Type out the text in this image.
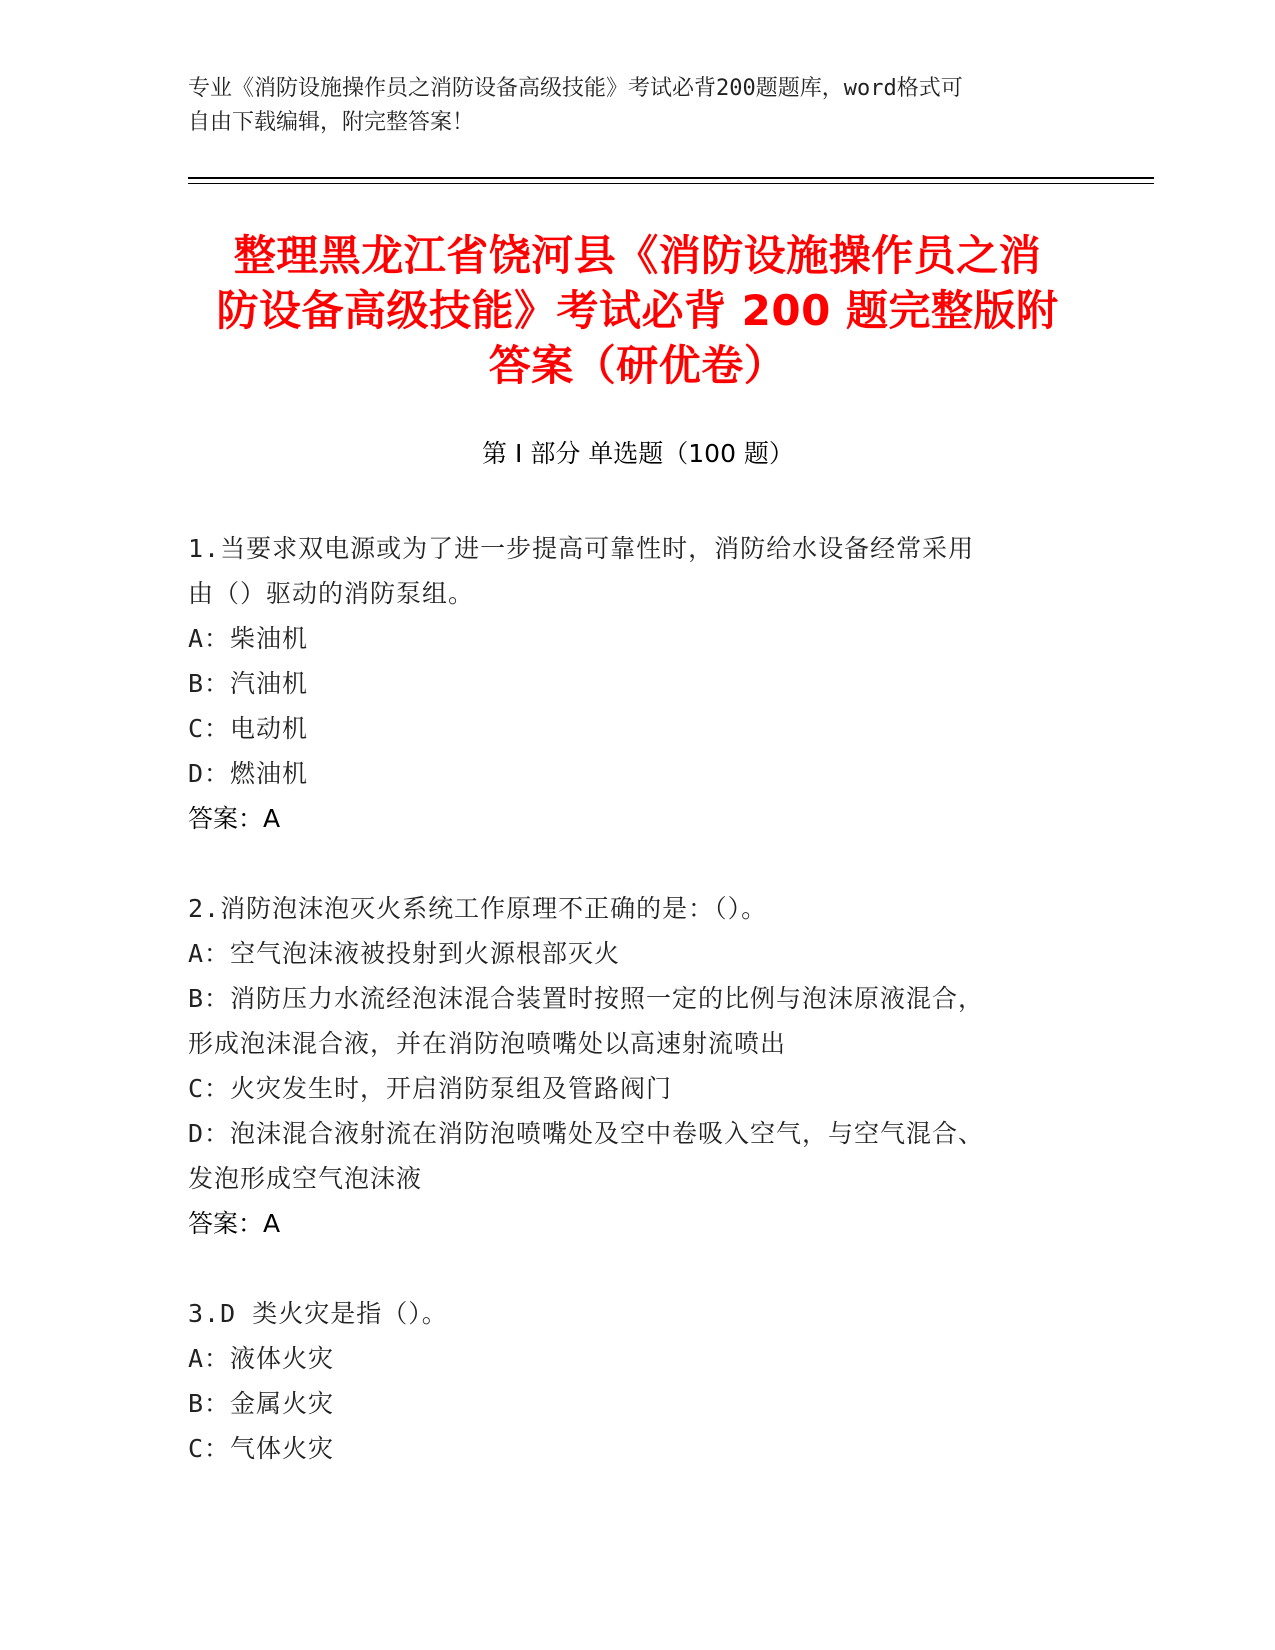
专业《消防设施操作员之消防设备高级技能》考试必背200题题库，word格式可
自由下载编辑，附完整答案！
整理黑龙江省饶河县《消防设施操作员之消
防设备高级技能》考试必背 200 题完整版附
答案（研优卷）
第 I 部分 单选题（100 题）
1.当要求双电源或为了进一步提高可靠性时，消防给水设备经常采用
由（）驱动的消防泵组。
A：柴油机
B：汽油机
C：电动机
D：燃油机
答案：A
2.消防泡沫泡灭火系统工作原理不正确的是：（）。
A：空气泡沫液被投射到火源根部灭火
B：消防压力水流经泡沫混合装置时按照一定的比例与泡沫原液混合，
形成泡沫混合液，并在消防泡喷嘴处以高速射流喷出
C：火灾发生时，开启消防泵组及管路阀门
D：泡沫混合液射流在消防泡喷嘴处及空中卷吸入空气，与空气混合、
发泡形成空气泡沫液
答案：A
3.D 类火灾是指（）。
A：液体火灾
B：金属火灾
C：气体火灾
